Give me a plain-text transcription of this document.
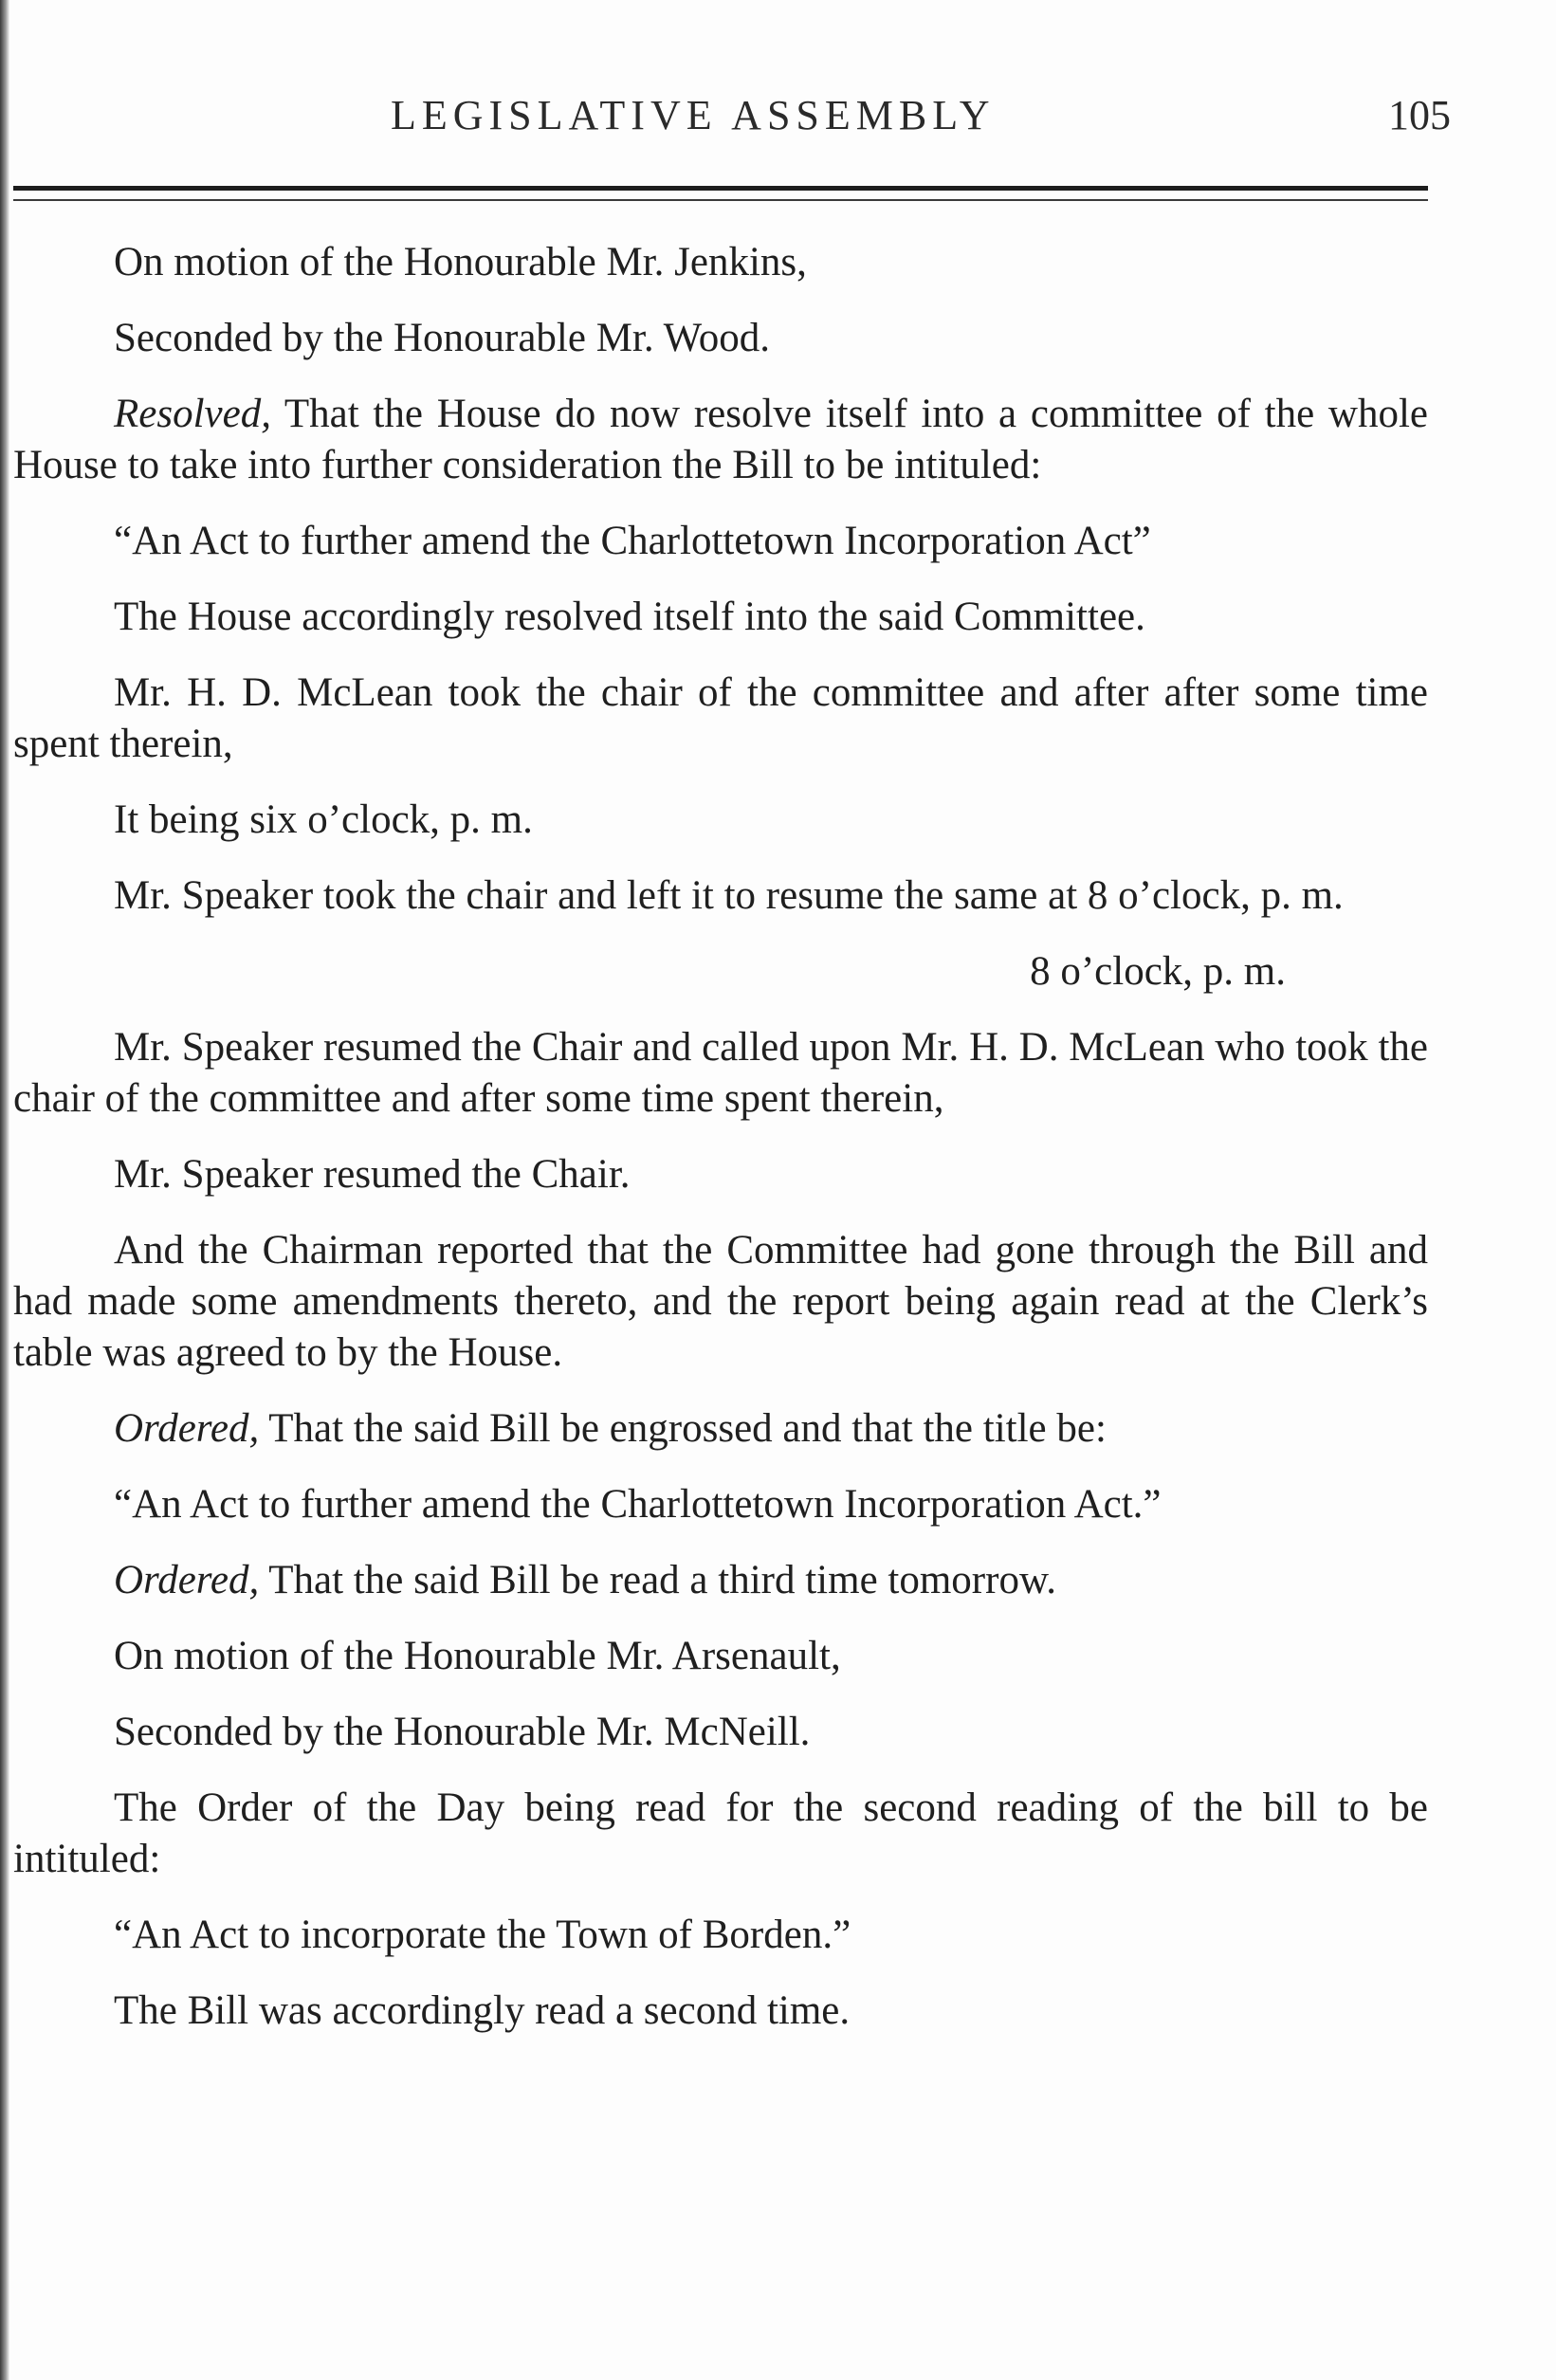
LEGISLATIVE ASSEMBLY	105

On motion of the Honourable Mr. Jenkins,

Seconded by the Honourable Mr. Wood.

Resolved, That the House do now resolve itself into a committee of the whole House to take into further consideration the Bill to be intituled:

“An Act to further amend the Charlottetown Incorporation Act”

The House accordingly resolved itself into the said Committee.

Mr. H. D. McLean took the chair of the committee and after after some time spent therein,

It being six o’clock, p. m.

Mr. Speaker took the chair and left it to resume the same at 8 o’clock, p. m.

8 o’clock, p. m.

Mr. Speaker resumed the Chair and called upon Mr. H. D. McLean who took the chair of the committee and after some time spent therein,

Mr. Speaker resumed the Chair.

And the Chairman reported that the Committee had gone through the Bill and had made some amendments thereto, and the report being again read at the Clerk’s table was agreed to by the House.

Ordered, That the said Bill be engrossed and that the title be:

“An Act to further amend the Charlottetown Incorporation Act.”

Ordered, That the said Bill be read a third time tomorrow.

On motion of the Honourable Mr. Arsenault,

Seconded by the Honourable Mr. McNeill.

The Order of the Day being read for the second reading of the bill to be intituled:

“An Act to incorporate the Town of Borden.”

The Bill was accordingly read a second time.
